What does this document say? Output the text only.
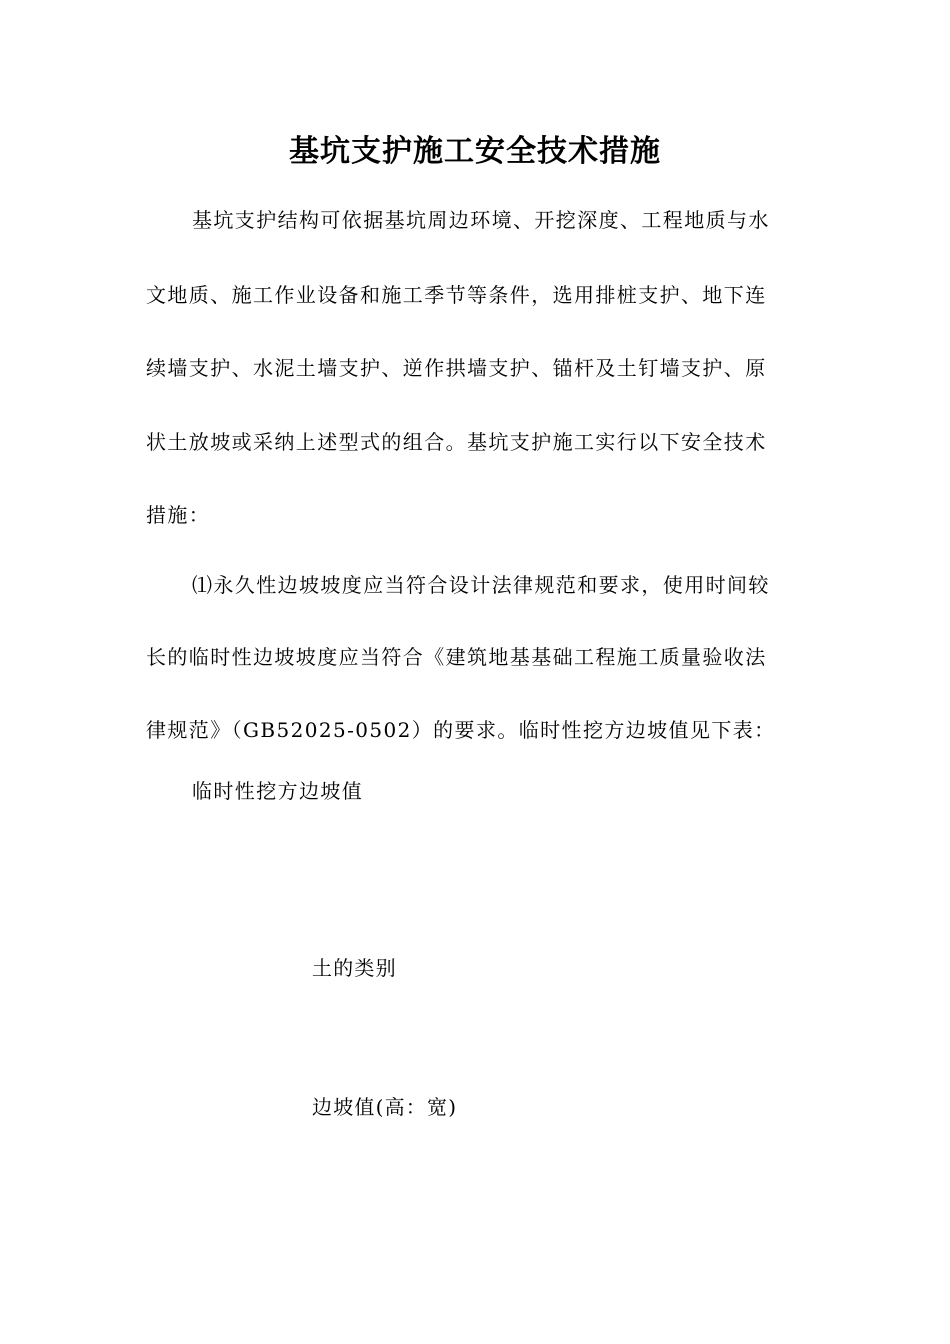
基坑支护施工安全技术措施
基坑支护结构可依据基坑周边环境、开挖深度、工程地质与水
文地质、施工作业设备和施工季节等条件，选用排桩支护、地下连
续墙支护、水泥土墙支护、逆作拱墙支护、锚杆及土钉墙支护、原
状土放坡或采纳上述型式的组合。基坑支护施工实行以下安全技术
措施：
⑴永久性边坡坡度应当符合设计法律规范和要求，使用时间较
长的临时性边坡坡度应当符合《建筑地基基础工程施工质量验收法
律规范》（GB52025-0502）的要求。临时性挖方边坡值见下表：
临时性挖方边坡值
土的类别
边坡值(高：宽)
